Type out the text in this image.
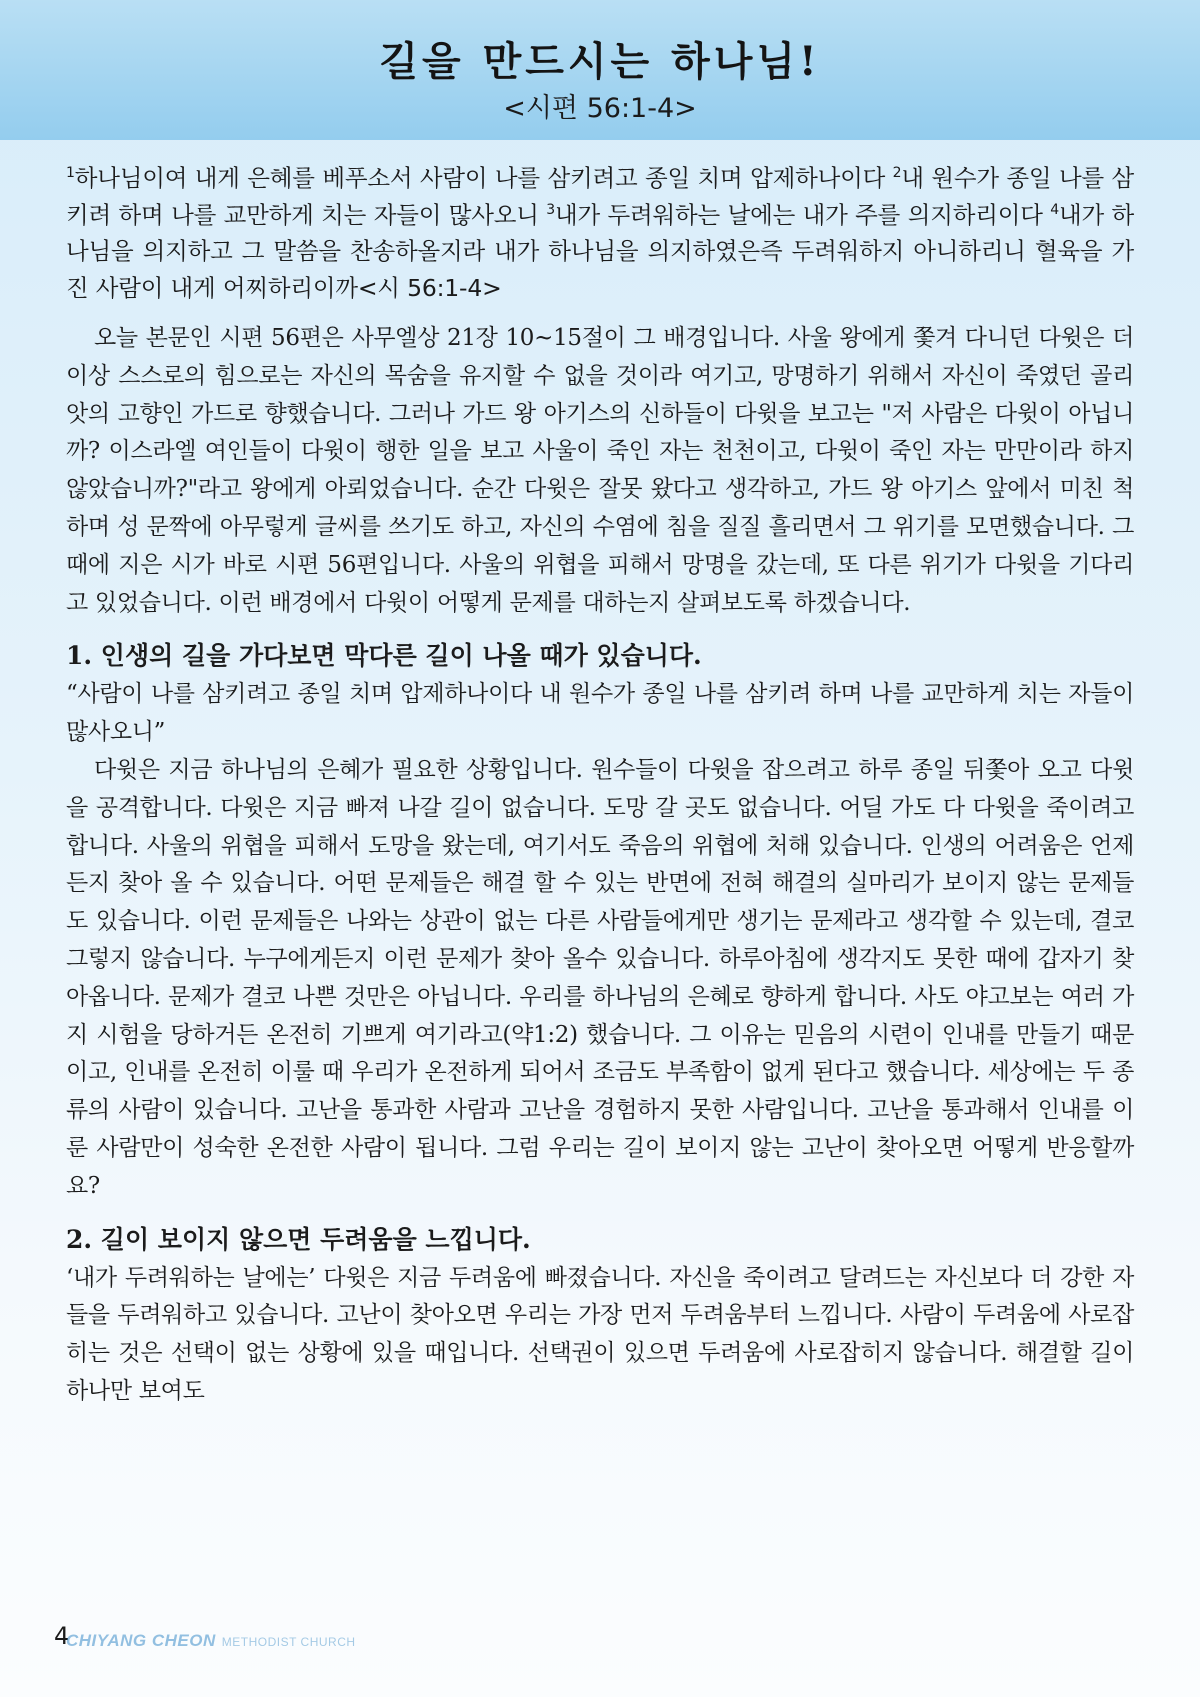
길을 만드시는 하나님!
<시편 56:1-4>

$^1$하나님이여 내게 은혜를 베푸소서 사람이 나를 삼키려고 종일 치며 압제하나이다 $^2$내 원수가 종일 나를 삼키려 하며 나를 교만하게 치는 자들이 많사오니 $^3$내가 두려워하는 날에는 내가 주를 의지하리이다 $^4$내가 하나님을 의지하고 그 말씀을 찬송하올지라 내가 하나님을 의지하였은즉 두려워하지 아니하리니 혈육을 가진 사람이 내게 어찌하리이까<시 56:1-4>

오늘 본문인 시편 56편은 사무엘상 21장 10~15절이 그 배경입니다. 사울 왕에게 쫓겨 다니던 다윗은 더 이상 스스로의 힘으로는 자신의 목숨을 유지할 수 없을 것이라 여기고, 망명하기 위해서 자신이 죽였던 골리앗의 고향인 가드로 향했습니다. 그러나 가드 왕 아기스의 신하들이 다윗을 보고는 "저 사람은 다윗이 아닙니까? 이스라엘 여인들이 다윗이 행한 일을 보고 사울이 죽인 자는 천천이고, 다윗이 죽인 자는 만만이라 하지 않았습니까?"라고 왕에게 아뢰었습니다. 순간 다윗은 잘못 왔다고 생각하고, 가드 왕 아기스 앞에서 미친 척하며 성 문짝에 아무렇게 글씨를 쓰기도 하고, 자신의 수염에 침을 질질 흘리면서 그 위기를 모면했습니다. 그때에 지은 시가 바로 시편 56편입니다. 사울의 위협을 피해서 망명을 갔는데, 또 다른 위기가 다윗을 기다리고 있었습니다. 이런 배경에서 다윗이 어떻게 문제를 대하는지 살펴보도록 하겠습니다.

1. 인생의 길을 가다보면 막다른 길이 나올 때가 있습니다.

“사람이 나를 삼키려고 종일 치며 압제하나이다 내 원수가 종일 나를 삼키려 하며 나를 교만하게 치는 자들이 많사오니”

다윗은 지금 하나님의 은혜가 필요한 상황입니다. 원수들이 다윗을 잡으려고 하루 종일 뒤쫓아 오고 다윗을 공격합니다. 다윗은 지금 빠져 나갈 길이 없습니다. 도망 갈 곳도 없습니다. 어딜 가도 다 다윗을 죽이려고 합니다. 사울의 위협을 피해서 도망을 왔는데, 여기서도 죽음의 위협에 처해 있습니다. 인생의 어려움은 언제든지 찾아 올 수 있습니다. 어떤 문제들은 해결 할 수 있는 반면에 전혀 해결의 실마리가 보이지 않는 문제들도 있습니다. 이런 문제들은 나와는 상관이 없는 다른 사람들에게만 생기는 문제라고 생각할 수 있는데, 결코 그렇지 않습니다. 누구에게든지 이런 문제가 찾아 올수 있습니다. 하루아침에 생각지도 못한 때에 갑자기 찾아옵니다. 문제가 결코 나쁜 것만은 아닙니다. 우리를 하나님의 은혜로 향하게 합니다. 사도 야고보는 여러 가지 시험을 당하거든 온전히 기쁘게 여기라고(약1:2) 했습니다. 그 이유는 믿음의 시련이 인내를 만들기 때문이고, 인내를 온전히 이룰 때 우리가 온전하게 되어서 조금도 부족함이 없게 된다고 했습니다. 세상에는 두 종류의 사람이 있습니다. 고난을 통과한 사람과 고난을 경험하지 못한 사람입니다. 고난을 통과해서 인내를 이룬 사람만이 성숙한 온전한 사람이 됩니다. 그럼 우리는 길이 보이지 않는 고난이 찾아오면 어떻게 반응할까요?

2. 길이 보이지 않으면 두려움을 느낍니다.

‘내가 두려워하는 날에는’ 다윗은 지금 두려움에 빠졌습니다. 자신을 죽이려고 달려드는 자신보다 더 강한 자들을 두려워하고 있습니다. 고난이 찾아오면 우리는 가장 먼저 두려움부터 느낍니다. 사람이 두려움에 사로잡히는 것은 선택이 없는 상황에 있을 때입니다. 선택권이 있으면 두려움에 사로잡히지 않습니다. 해결할 길이 하나만 보여도

4
CHIYANG CHEON METHODIST CHURCH
